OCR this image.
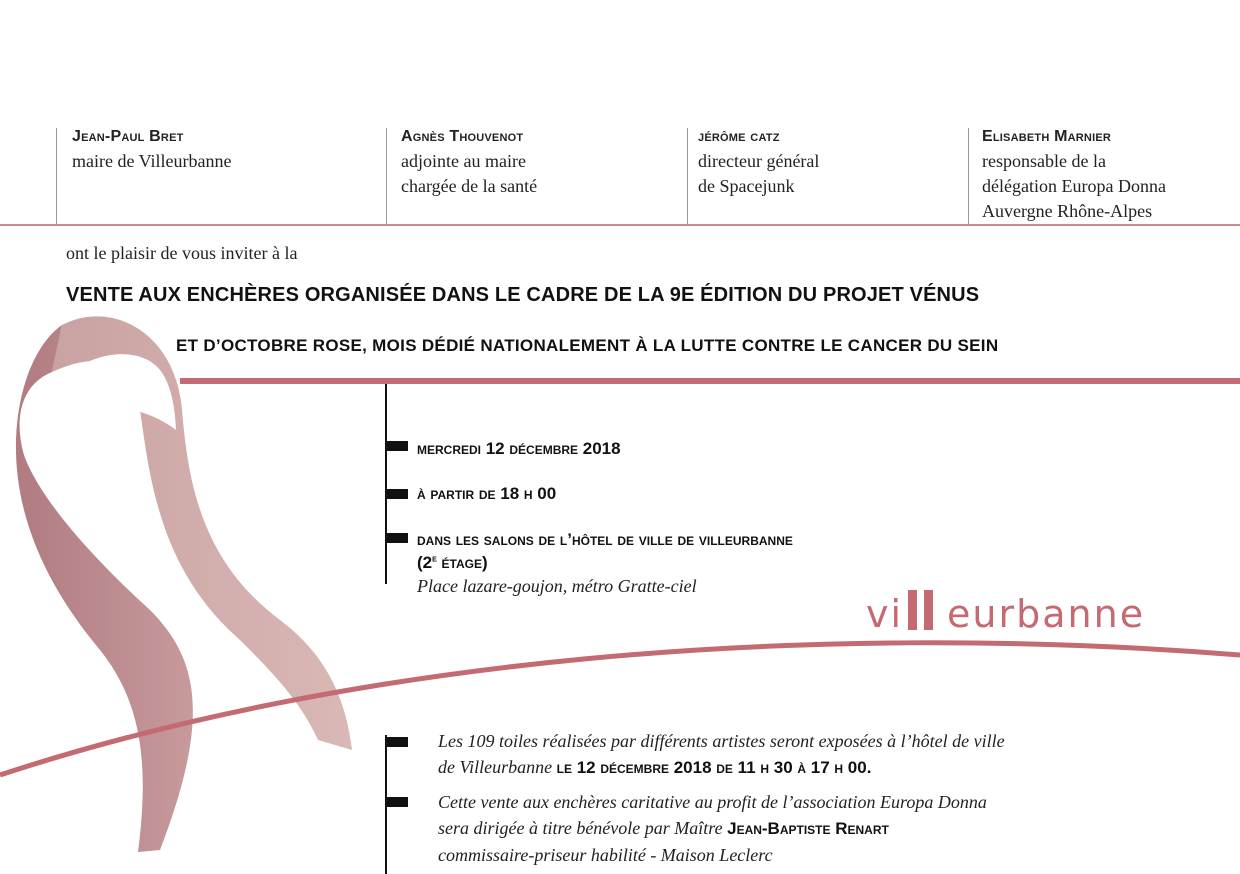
Jean-Paul Bret
maire de Villeurbanne
Agnès Thouvenot
adjointe au maire
chargée de la santé
jérôme catz
directeur général
de Spacejunk
Elisabeth Marnier
responsable de la
délégation Europa Donna
Auvergne Rhône-Alpes
ont le plaisir de vous inviter à la
VENTE AUX ENCHÈRES ORGANISÉE DANS LE CADRE DE LA 9E ÉDITION DU PROJET VÉNUS
ET D’OCTOBRE ROSE, MOIS DÉDIÉ NATIONALEMENT À LA LUTTE CONTRE LE CANCER DU SEIN
mercredi 12 décembre 2018
à partir de 18 h 00
dans les salons de l’hôtel de ville de villeurbanne
(2e étage)
Place lazare-goujon, métro Gratte-ciel
vi eurbanne
Les 109 toiles réalisées par différents artistes seront exposées à l’hôtel de ville
de Villeurbanne le 12 décembre 2018 de 11 h 30 à 17 h 00.
Cette vente aux enchères caritative au profit de l’association Europa Donna
sera dirigée à titre bénévole par Maître Jean-Baptiste Renart
commissaire-priseur habilité - Maison Leclerc
